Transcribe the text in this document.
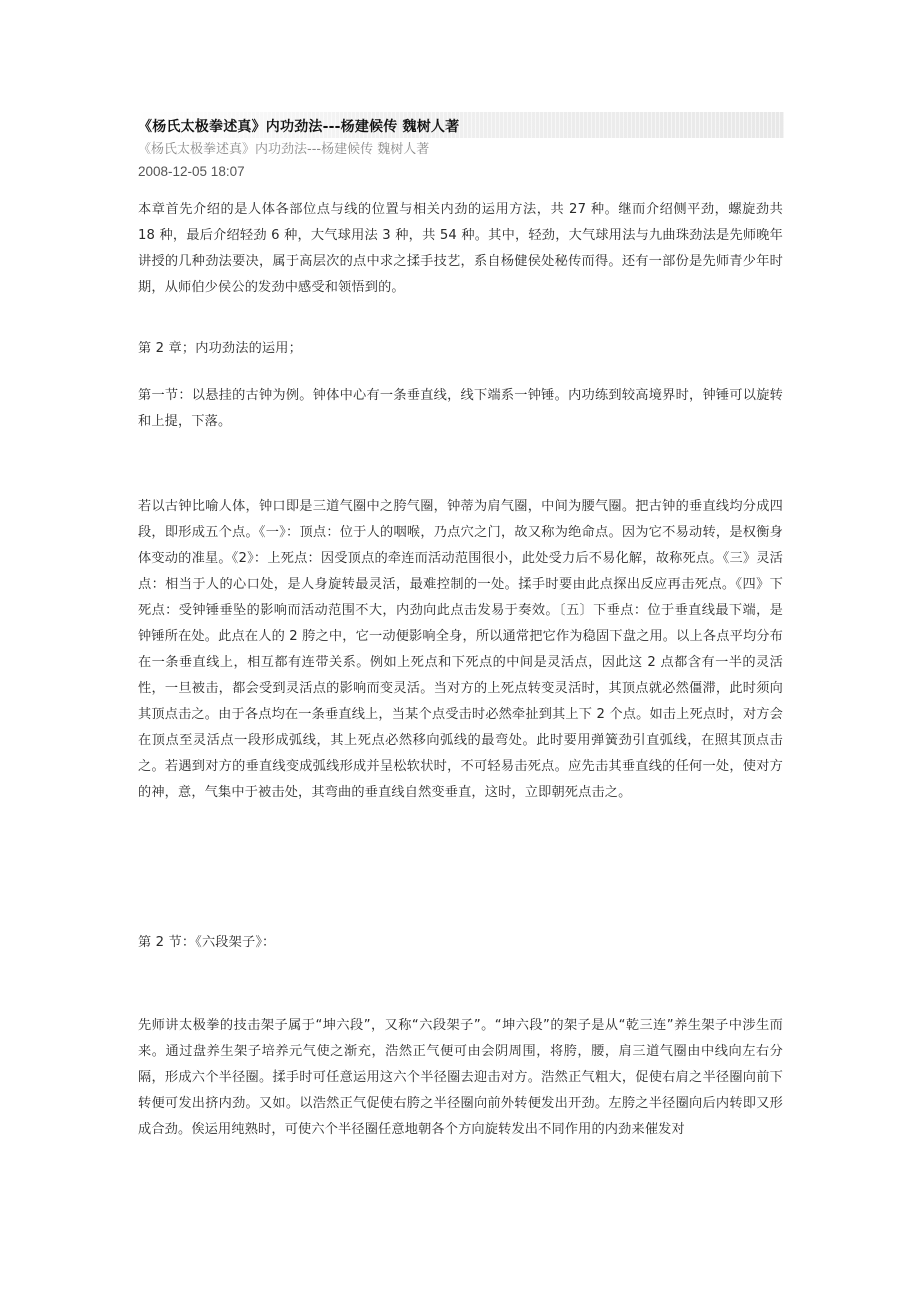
《杨氏太极拳述真》内功劲法---杨建候传 魏树人著
《杨氏太极拳述真》内功劲法---杨建候传 魏树人著
2008-12-05 18:07

本章首先介绍的是人体各部位点与线的位置与相关内劲的运用方法，共 27 种。继而介绍侧平劲，螺旋劲共 18 种，最后介绍轻劲 6 种，大气球用法 3 种，共 54 种。其中，轻劲，大气球用法与九曲珠劲法是先师晚年讲授的几种劲法要决，属于高层次的点中求之揉手技艺，系自杨健侯处秘传而得。还有一部份是先师青少年时期，从师伯少侯公的发劲中感受和领悟到的。

第 2 章；内功劲法的运用；

第一节：以悬挂的古钟为例。钟体中心有一条垂直线，线下端系一钟锤。内功练到较高境界时，钟锤可以旋转和上提，下落。

若以古钟比喻人体，钟口即是三道气圈中之胯气圈，钟蒂为肩气圈，中间为腰气圈。把古钟的垂直线均分成四段，即形成五个点。《一》：顶点：位于人的咽喉，乃点穴之门，故又称为绝命点。因为它不易动转，是权衡身体变动的准星。《2》：上死点：因受顶点的牵连而活动范围很小，此处受力后不易化解，故称死点。《三》灵活点：相当于人的心口处，是人身旋转最灵活，最难控制的一处。揉手时要由此点探出反应再击死点。《四》下死点：受钟锤垂坠的影响而活动范围不大，内劲向此点击发易于奏效。〔五〕下垂点：位于垂直线最下端，是钟锤所在处。此点在人的 2 胯之中，它一动便影响全身，所以通常把它作为稳固下盘之用。以上各点平均分布在一条垂直线上，相互都有连带关系。例如上死点和下死点的中间是灵活点，因此这 2 点都含有一半的灵活性，一旦被击，都会受到灵活点的影响而变灵活。当对方的上死点转变灵活时，其顶点就必然僵滞，此时须向其顶点击之。由于各点均在一条垂直线上，当某个点受击时必然牵扯到其上下 2 个点。如击上死点时，对方会在顶点至灵活点一段形成弧线，其上死点必然移向弧线的最弯处。此时要用弹簧劲引直弧线，在照其顶点击之。若遇到对方的垂直线变成弧线形成并呈松软状时，不可轻易击死点。应先击其垂直线的任何一处，使对方的神，意，气集中于被击处，其弯曲的垂直线自然变垂直，这时，立即朝死点击之。

第 2 节：《六段架子》：

先师讲太极拳的技击架子属于“坤六段”，又称“六段架子”。“坤六段”的架子是从“乾三连”养生架子中涉生而来。通过盘养生架子培养元气使之渐充，浩然正气便可由会阴周围，将胯，腰，肩三道气圈由中线向左右分隔，形成六个半径圈。揉手时可任意运用这六个半径圈去迎击对方。浩然正气粗大，促使右肩之半径圈向前下转便可发出挤内劲。又如。以浩然正气促使右胯之半径圈向前外转便发出开劲。左胯之半径圈向后内转即又形成合劲。俟运用纯熟时，可使六个半径圈任意地朝各个方向旋转发出不同作用的内劲来催发对
